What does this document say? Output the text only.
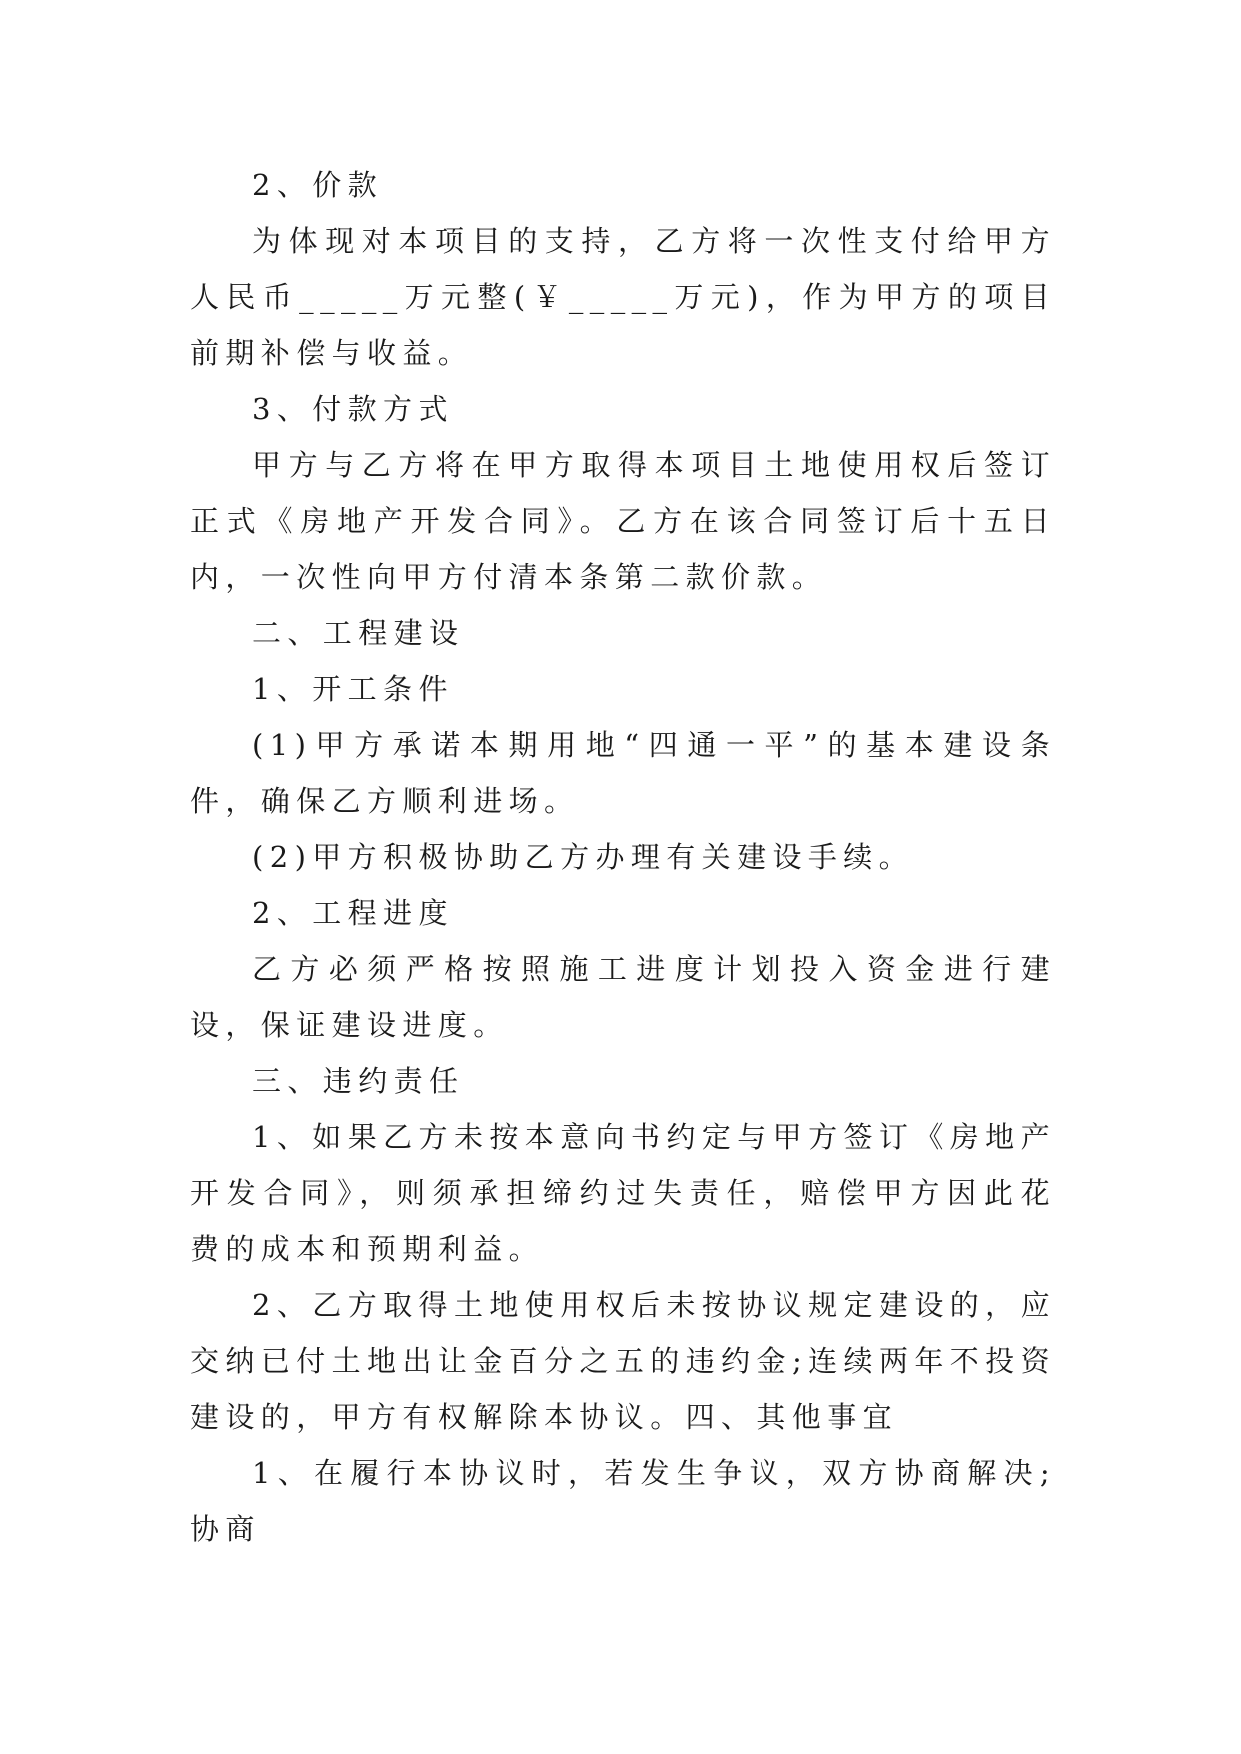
2、价款

为体现对本项目的支持，乙方将一次性支付给甲方人民币_____万元整(￥_____万元)，作为甲方的项目前期补偿与收益。

3、付款方式

甲方与乙方将在甲方取得本项目土地使用权后签订正式《房地产开发合同》。乙方在该合同签订后十五日内，一次性向甲方付清本条第二款价款。

二、工程建设

1、开工条件

(1)甲方承诺本期用地“四通一平”的基本建设条件，确保乙方顺利进场。

(2)甲方积极协助乙方办理有关建设手续。

2、工程进度

乙方必须严格按照施工进度计划投入资金进行建设，保证建设进度。

三、违约责任

1、如果乙方未按本意向书约定与甲方签订《房地产开发合同》，则须承担缔约过失责任，赔偿甲方因此花费的成本和预期利益。

2、乙方取得土地使用权后未按协议规定建设的，应交纳已付土地出让金百分之五的违约金;连续两年不投资建设的，甲方有权解除本协议。四、其他事宜

1、在履行本协议时，若发生争议，双方协商解决;协商
